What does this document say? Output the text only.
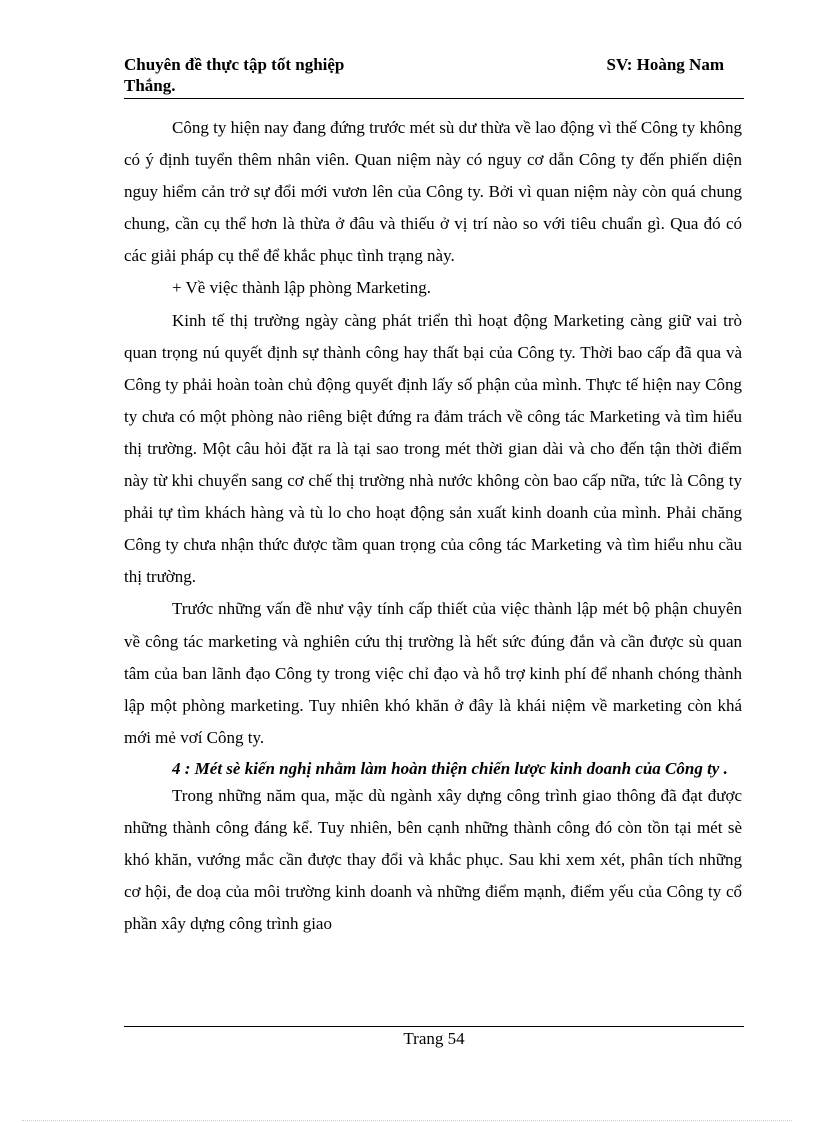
Chuyên đề thực tập tốt nghiệp	SV: Hoàng Nam
Thắng.

Công ty hiện nay đang đứng trước mét sù dư thừa về lao động vì thế Công ty không có ý định tuyển thêm nhân viên. Quan niệm này có nguy cơ dẫn Công ty đến phiến diện nguy hiểm cản trở sự đổi mới vươn lên của Công ty. Bởi vì quan niệm này còn quá chung chung, cần cụ thể hơn là thừa ở đâu và thiếu ở vị trí nào so với tiêu chuẩn gì. Qua đó có các giải pháp cụ thể để khắc phục tình trạng này.

+ Về việc thành lập phòng Marketing.

Kinh tế thị trường ngày càng phát triển thì hoạt động Marketing càng giữ vai trò quan trọng nú quyết định sự thành công hay thất bại của Công ty. Thời bao cấp đã qua và Công ty phải hoàn toàn chủ động quyết định lấy số phận của mình. Thực tế hiện nay Công ty chưa có một phòng nào riêng biệt đứng ra đảm trách về công tác Marketing và tìm hiểu thị trường. Một câu hỏi đặt ra là tại sao trong mét thời gian dài và cho đến tận thời điểm này từ khi chuyển sang cơ chế thị trường nhà nước không còn bao cấp nữa, tức là Công ty phải tự tìm khách hàng và tù lo cho hoạt động sản xuất kinh doanh của mình. Phải chăng Công ty chưa nhận thức được tầm quan trọng của công tác Marketing và tìm hiểu nhu cầu thị trường.

Trước những vấn đề như vậy tính cấp thiết của việc thành lập mét bộ phận chuyên về công tác marketing và nghiên cứu thị trường là hết sức đúng đắn và cần được sù quan tâm của ban lãnh đạo Công ty trong việc chỉ đạo và hỗ trợ kinh phí để nhanh chóng thành lập một phòng marketing. Tuy nhiên khó khăn ở đây là khái niệm về marketing còn khá mới mẻ vơí Công ty.

4 : Mét sè kiến nghị nhằm làm hoàn thiện chiến lược kinh doanh của Công ty .

Trong những năm qua, mặc dù ngành xây dựng công trình giao thông đã đạt được những thành công đáng kể. Tuy nhiên, bên cạnh những thành công đó còn tồn tại mét sè khó khăn, vướng mắc cần được thay đổi và khắc phục. Sau khi xem xét, phân tích những cơ hội, đe doạ của môi trường kinh doanh và những điểm mạnh, điểm yếu của Công ty cổ phần xây dựng công trình giao

Trang 54
